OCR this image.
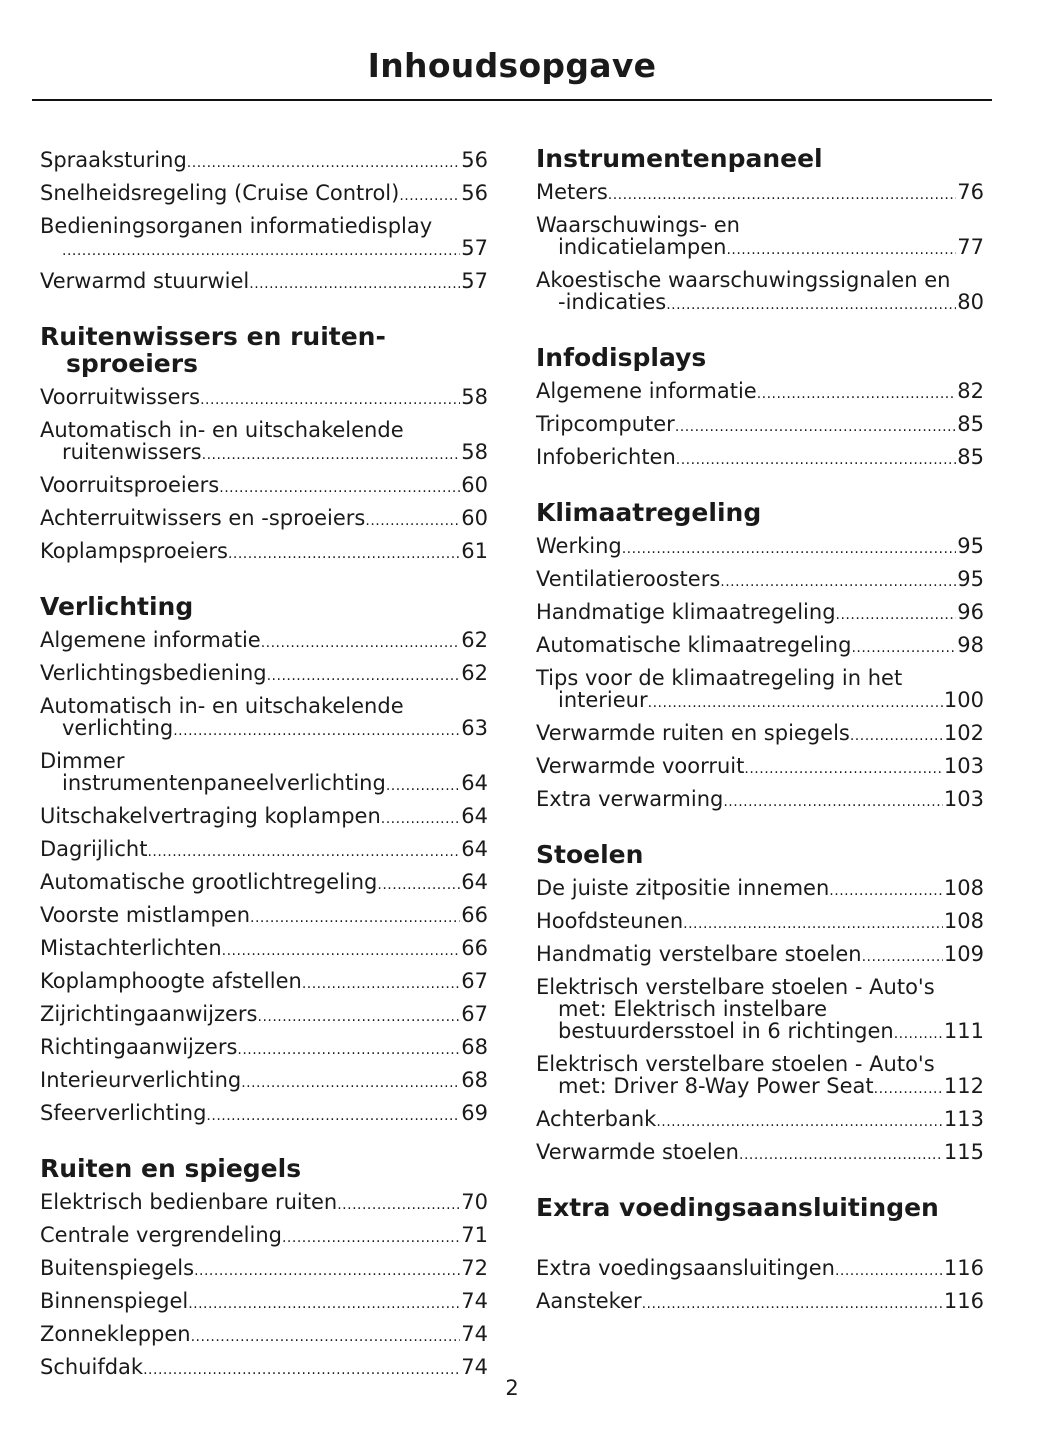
Inhoudsopgave
Spraaksturing .....	56
Snelheidsregeling (Cruise Control) .....	56
Bedieningsorganen informatiedisplay
.....
57
Verwarmd stuurwiel .....	57
Ruitenwissers en ruiten-
sproeiers
Voorruitwissers .....	58
Automatisch in- en uitschakelende
ruitenwissers .....	58
Voorruitsproeiers .....	60
Achterruitwissers en -sproeiers .....	60
Koplampsproeiers .....	61
Verlichting
Algemene informatie .....	62
Verlichtingsbediening .....	62
Automatisch in- en uitschakelende
verlichting .....	63
Dimmer
instrumentenpaneelverlichting .....	64
Uitschakelvertraging koplampen .....	64
Dagrijlicht .....	64
Automatische grootlichtregeling .....	64
Voorste mistlampen .....	66
Mistachterlichten .....	66
Koplamphoogte afstellen .....	67
Zijrichtingaanwijzers .....	67
Richtingaanwijzers .....	68
Interieurverlichting .....	68
Sfeerverlichting .....	69
Ruiten en spiegels
Elektrisch bedienbare ruiten .....	70
Centrale vergrendeling .....	71
Buitenspiegels .....	72
Binnenspiegel .....	74
Zonnekleppen .....	74
Schuifdak .....	74
Instrumentenpaneel
Meters .....	76
Waarschuwings- en
indicatielampen .....	77
Akoestische waarschuwingssignalen en
-indicaties .....	80
Infodisplays
Algemene informatie .....	82
Tripcomputer .....	85
Infoberichten .....	85
Klimaatregeling
Werking .....	95
Ventilatieroosters .....	95
Handmatige klimaatregeling .....	96
Automatische klimaatregeling .....	98
Tips voor de klimaatregeling in het
interieur .....	100
Verwarmde ruiten en spiegels .....	102
Verwarmde voorruit .....	103
Extra verwarming .....	103
Stoelen
De juiste zitpositie innemen .....	108
Hoofdsteunen .....	108
Handmatig verstelbare stoelen .....	109
Elektrisch verstelbare stoelen - Auto's
met: Elektrisch instelbare
bestuurdersstoel in 6 richtingen ..... 111
Elektrisch verstelbare stoelen - Auto's
met: Driver 8-Way Power Seat .....	112
Achterbank .....	113
Verwarmde stoelen .....	115
Extra voedingsaansluitingen
Extra voedingsaansluitingen .....	116
Aansteker .....	116
2
